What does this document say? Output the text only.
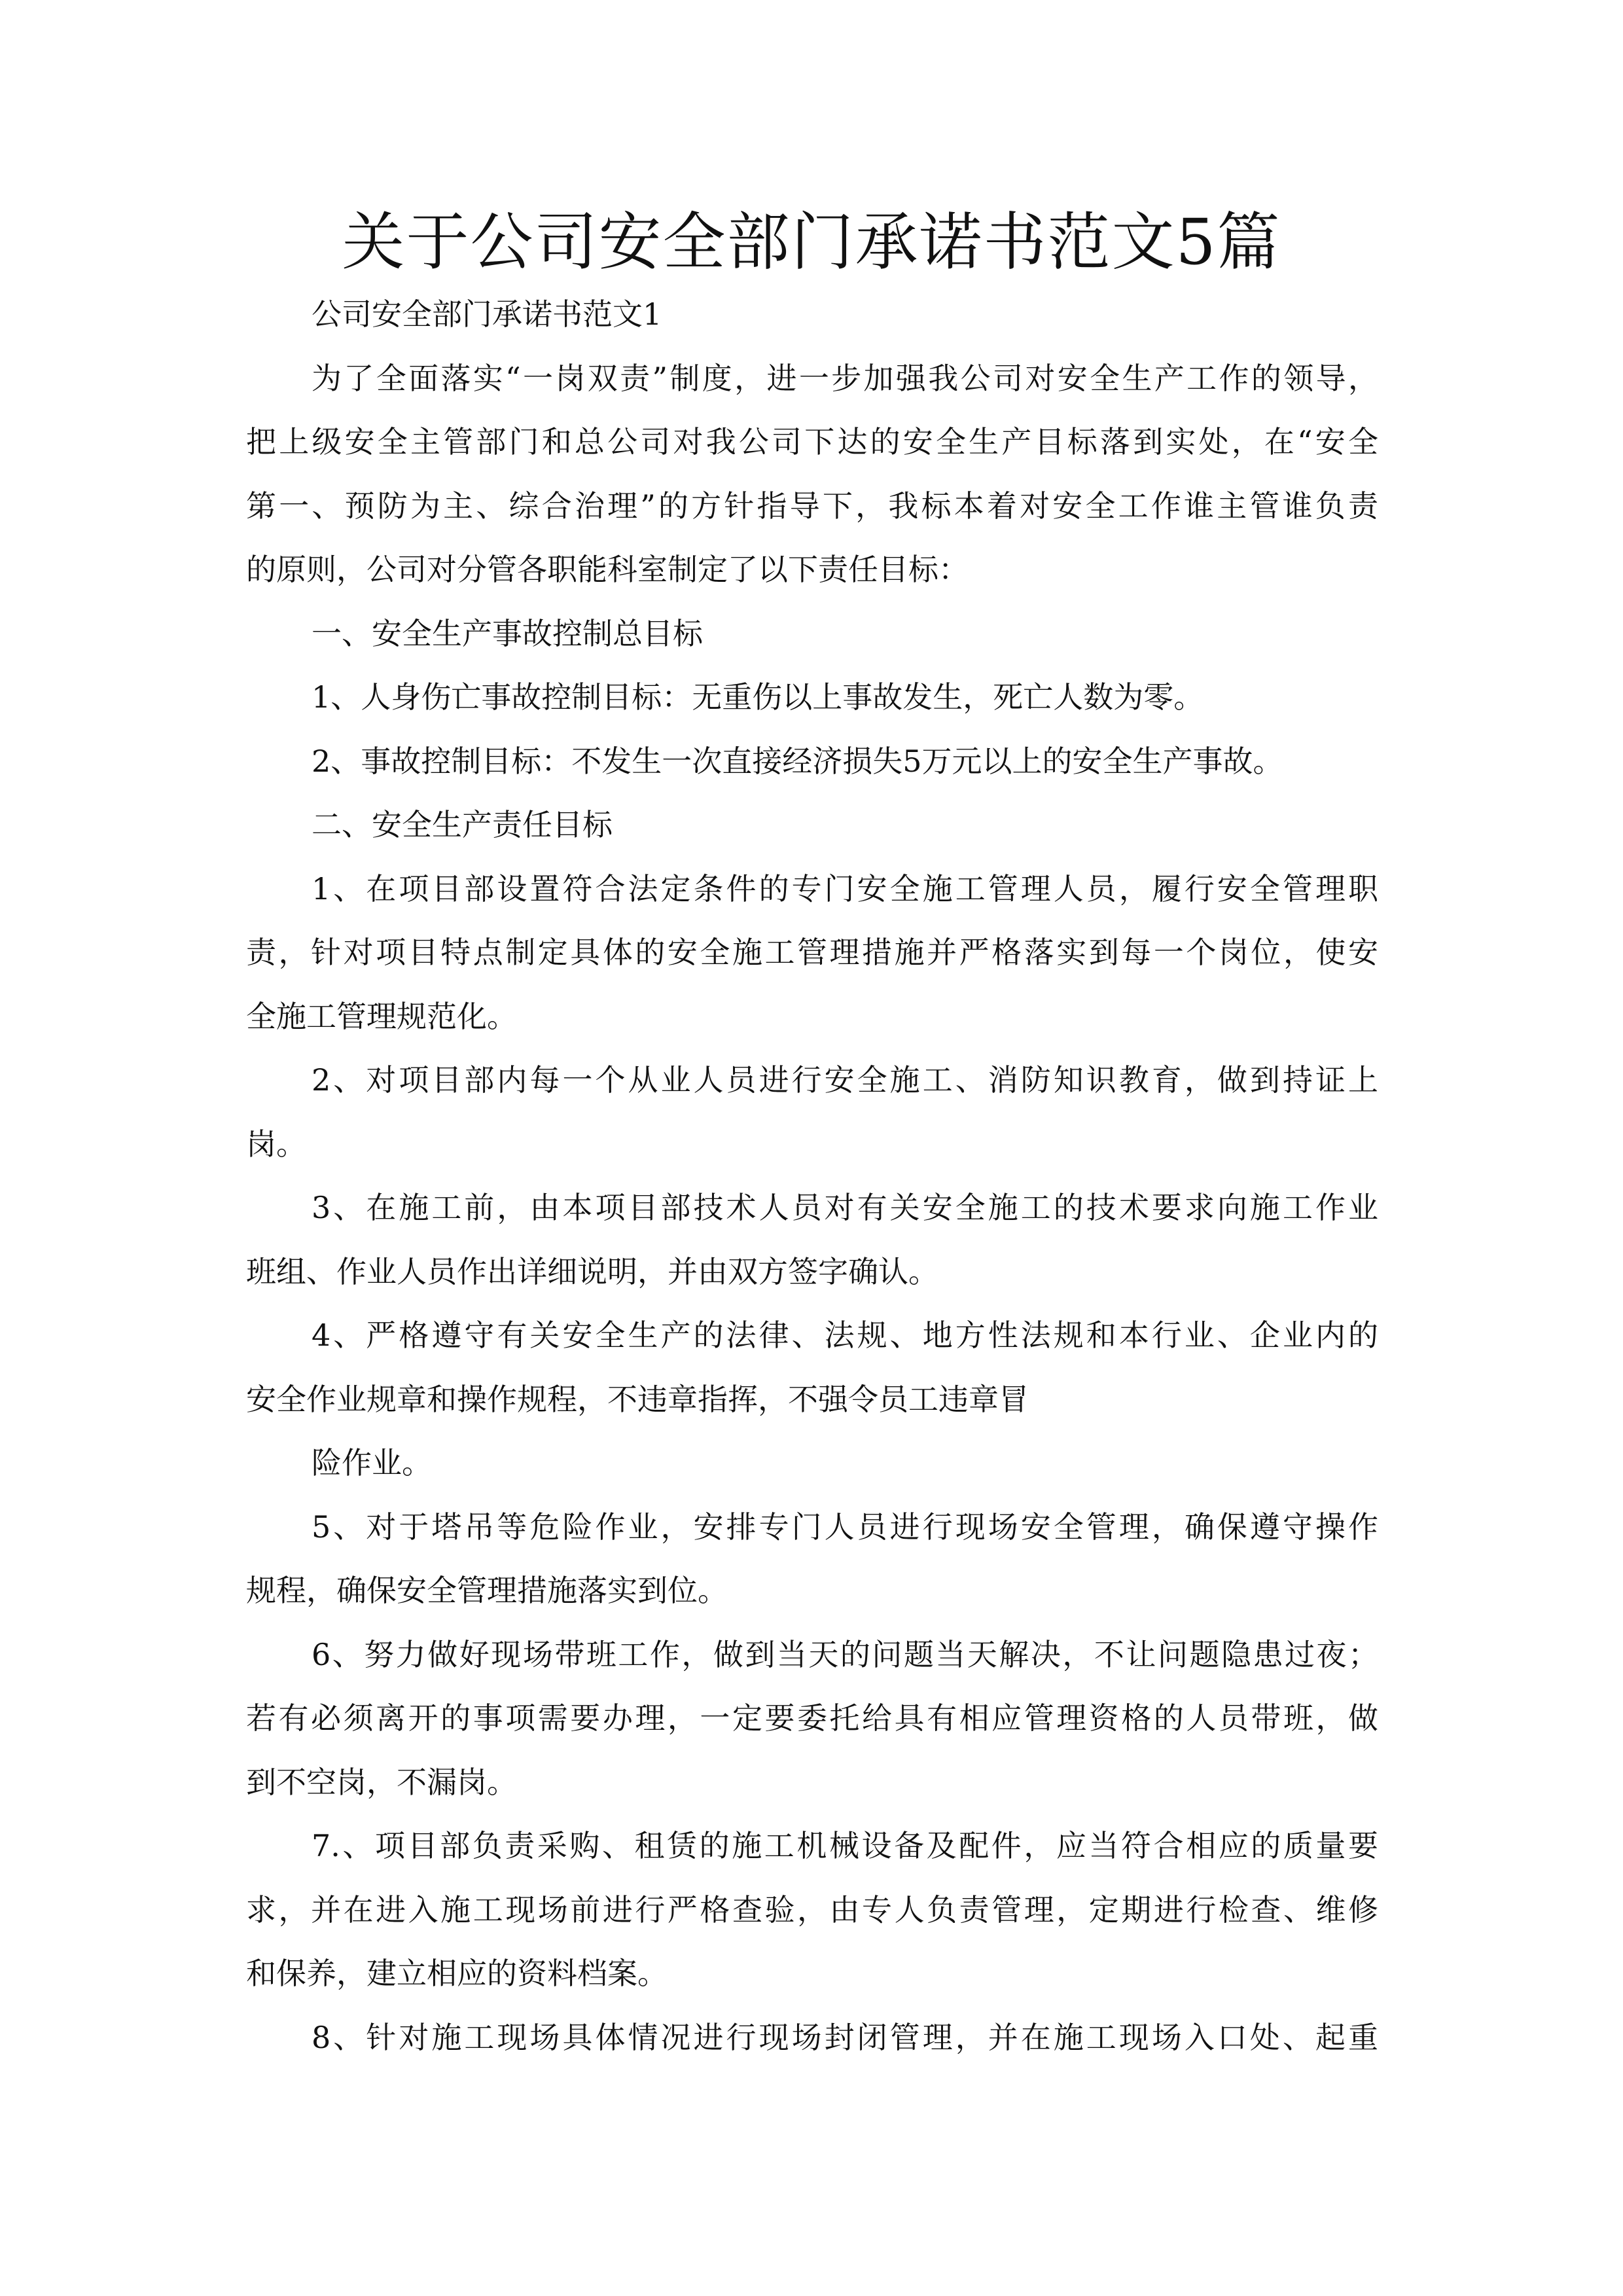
关于公司安全部门承诺书范文5篇
公司安全部门承诺书范文1
为了全面落实“一岗双责”制度，进一步加强我公司对安全生产工作的领导，
把上级安全主管部门和总公司对我公司下达的安全生产目标落到实处，在“安全
第一、预防为主、综合治理”的方针指导下，我标本着对安全工作谁主管谁负责
的原则，公司对分管各职能科室制定了以下责任目标：
一、安全生产事故控制总目标
1、人身伤亡事故控制目标：无重伤以上事故发生，死亡人数为零。
2、事故控制目标：不发生一次直接经济损失5万元以上的安全生产事故。
二、安全生产责任目标
1、在项目部设置符合法定条件的专门安全施工管理人员，履行安全管理职
责，针对项目特点制定具体的安全施工管理措施并严格落实到每一个岗位，使安
全施工管理规范化。
2、对项目部内每一个从业人员进行安全施工、消防知识教育，做到持证上
岗。
3、在施工前，由本项目部技术人员对有关安全施工的技术要求向施工作业
班组、作业人员作出详细说明，并由双方签字确认。
4、严格遵守有关安全生产的法律、法规、地方性法规和本行业、企业内的
安全作业规章和操作规程，不违章指挥，不强令员工违章冒
险作业。
5、对于塔吊等危险作业，安排专门人员进行现场安全管理，确保遵守操作
规程，确保安全管理措施落实到位。
6、努力做好现场带班工作，做到当天的问题当天解决，不让问题隐患过夜；
若有必须离开的事项需要办理，一定要委托给具有相应管理资格的人员带班，做
到不空岗，不漏岗。
7.、项目部负责采购、租赁的施工机械设备及配件，应当符合相应的质量要
求，并在进入施工现场前进行严格查验，由专人负责管理，定期进行检查、维修
和保养，建立相应的资料档案。
8、针对施工现场具体情况进行现场封闭管理，并在施工现场入口处、起重
